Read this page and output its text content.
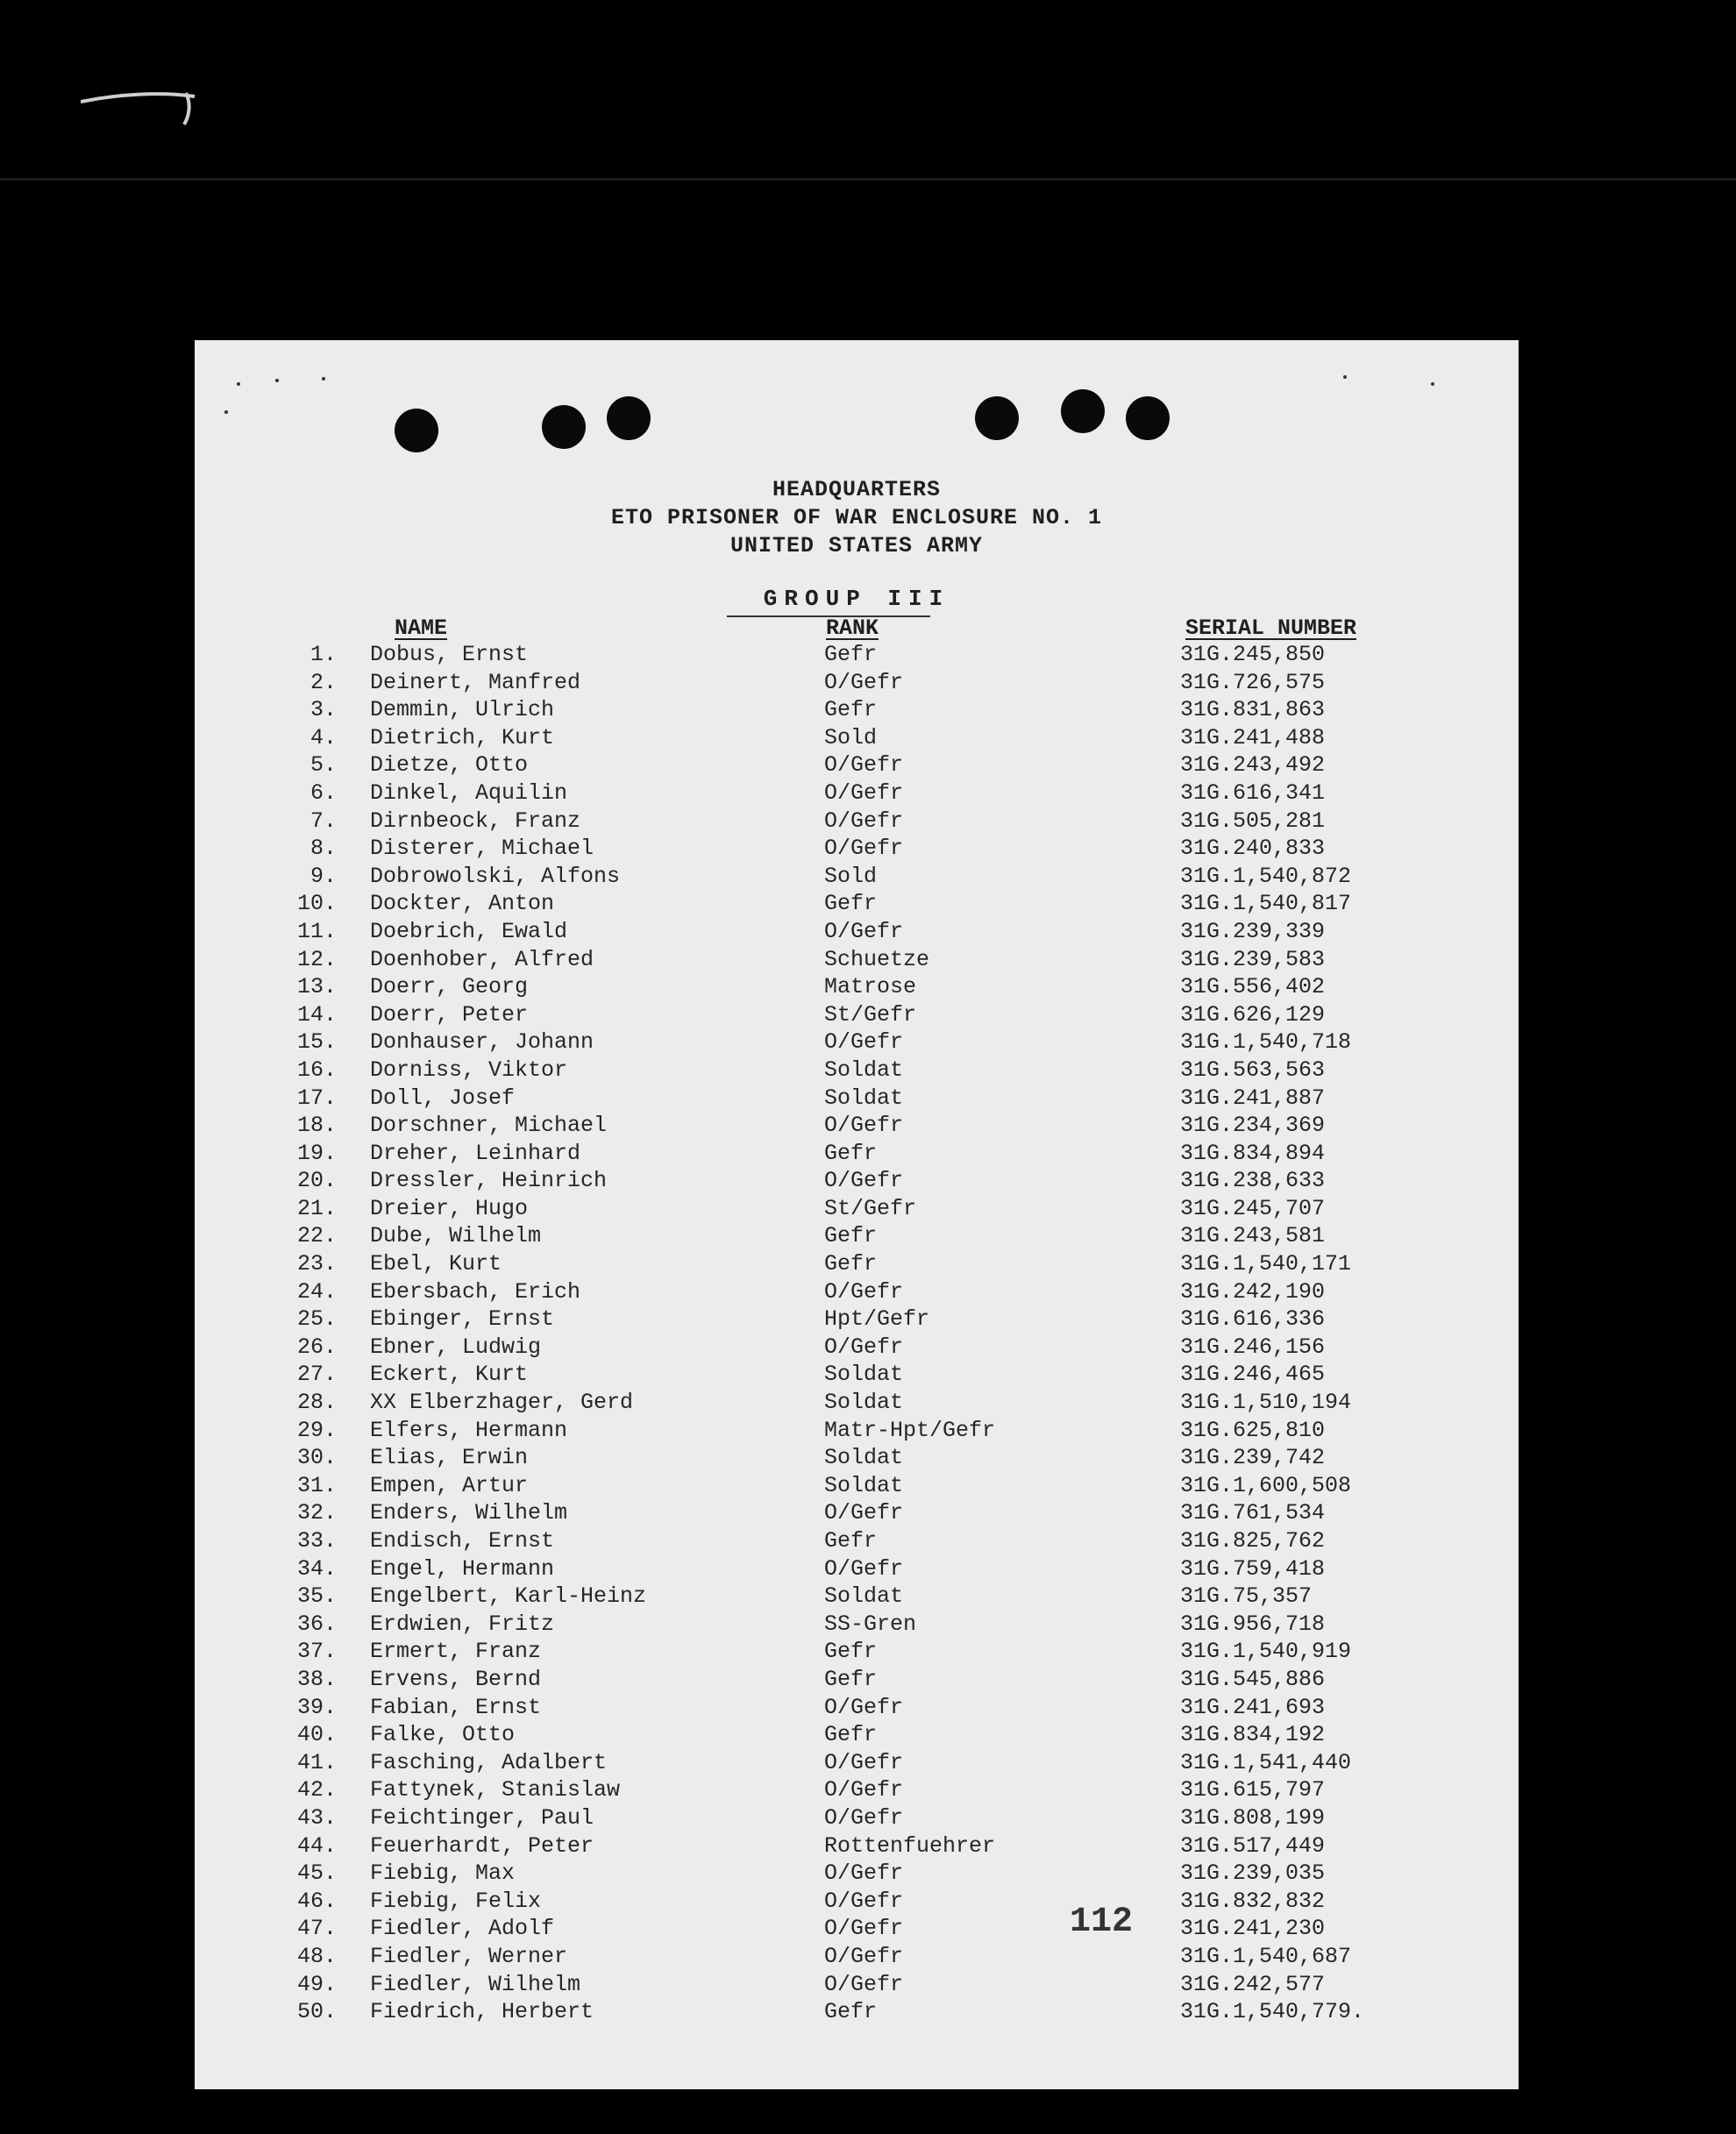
HEADQUARTERS
ETO PRISONER OF WAR ENCLOSURE NO. 1
UNITED STATES ARMY
GROUP III
NAME	RANK	SERIAL NUMBER
1. Dobus, Ernst	Gefr	31G.245,850
2. Deinert, Manfred	O/Gefr	31G.726,575
3. Demmin, Ulrich	Gefr	31G.831,863
4. Dietrich, Kurt	Sold	31G.241,488
5. Dietze, Otto	O/Gefr	31G.243,492
6. Dinkel, Aquilin	O/Gefr	31G.616,341
7. Dirnbeock, Franz	O/Gefr	31G.505,281
8. Disterer, Michael	O/Gefr	31G.240,833
9. Dobrowolski, Alfons	Sold	31G.1,540,872
10. Dockter, Anton	Gefr	31G.1,540,817
11. Doebrich, Ewald	O/Gefr	31G.239,339
12. Doenhober, Alfred	Schuetze	31G.239,583
13. Doerr, Georg	Matrose	31G.556,402
14. Doerr, Peter	St/Gefr	31G.626,129
15. Donhauser, Johann	O/Gefr	31G.1,540,718
16. Dorniss, Viktor	Soldat	31G.563,563
17. Doll, Josef	Soldat	31G.241,887
18. Dorschner, Michael	O/Gefr	31G.234,369
19. Dreher, Leinhard	Gefr	31G.834,894
20. Dressler, Heinrich	O/Gefr	31G.238,633
21. Dreier, Hugo	St/Gefr	31G.245,707
22. Dube, Wilhelm	Gefr	31G.243,581
23. Ebel, Kurt	Gefr	31G.1,540,171
24. Ebersbach, Erich	O/Gefr	31G.242,190
25. Ebinger, Ernst	Hpt/Gefr	31G.616,336
26. Ebner, Ludwig	O/Gefr	31G.246,156
27. Eckert, Kurt	Soldat	31G.246,465
28. XX Elberzhager, Gerd	Soldat	31G.1,510,194
29. Elfers, Hermann	Matr-Hpt/Gefr	31G.625,810
30. Elias, Erwin	Soldat	31G.239,742
31. Empen, Artur	Soldat	31G.1,600,508
32. Enders, Wilhelm	O/Gefr	31G.761,534
33. Endisch, Ernst	Gefr	31G.825,762
34. Engel, Hermann	O/Gefr	31G.759,418
35. Engelbert, Karl-Heinz	Soldat	31G.75,357
36. Erdwien, Fritz	SS-Gren	31G.956,718
37. Ermert, Franz	Gefr	31G.1,540,919
38. Ervens, Bernd	Gefr	31G.545,886
39. Fabian, Ernst	O/Gefr	31G.241,693
40. Falke, Otto	Gefr	31G.834,192
41. Fasching, Adalbert	O/Gefr	31G.1,541,440
42. Fattynek, Stanislaw	O/Gefr	31G.615,797
43. Feichtinger, Paul	O/Gefr	31G.808,199
44. Feuerhardt, Peter	Rottenfuehrer	31G.517,449
45. Fiebig, Max	O/Gefr	31G.239,035
46. Fiebig, Felix	O/Gefr	31G.832,832
47. Fiedler, Adolf	O/Gefr	31G.241,230
48. Fiedler, Werner	O/Gefr	31G.1,540,687
49. Fiedler, Wilhelm	O/Gefr	31G.242,577
50. Fiedrich, Herbert	Gefr	31G.1,540,779.
112
